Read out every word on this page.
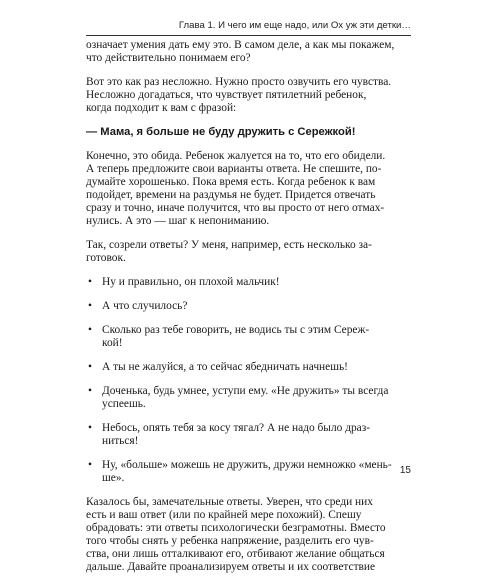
Глава 1. И чего им еще надо, или Ох уж эти детки…
означает умения дать ему это. В самом деле, а как мы покажем,
что действительно понимаем его?
Вот это как раз несложно. Нужно просто озвучить его чувства.
Несложно догадаться, что чувствует пятилетний ребенок,
когда подходит к вам с фразой:
— Мама, я больше не буду дружить с Сережкой!
Конечно, это обида. Ребенок жалуется на то, что его обидели.
А теперь предложите свои варианты ответа. Не спешите, по-
думайте хорошенько. Пока время есть. Когда ребенок к вам
подойдет, времени на раздумья не будет. Придется отвечать
сразу и точно, иначе получится, что вы просто от него отмах-
нулись. А это — шаг к непониманию.
Так, созрели ответы? У меня, например, есть несколько за-
готовок.
• Ну и правильно, он плохой мальчик!
• А что случилось?
• Сколько раз тебе говорить, не водись ты с этим Сереж-
кой!
• А ты не жалуйся, а то сейчас ябедничать начнешь!
• Доченька, будь умнее, уступи ему. «Не дружить» ты всегда
успеешь.
• Небось, опять тебя за косу тягал? А не надо было драз-
ниться!
• Ну, «больше» можешь не дружить, дружи немножко «мень-
ше».
Казалось бы, замечательные ответы. Уверен, что среди них
есть и ваш ответ (или по крайней мере похожий). Спешу
обрадовать: эти ответы психологически безграмотны. Вместо
того чтобы снять у ребенка напряжение, разделить его чув-
ства, они лишь отталкивают его, отбивают желание общаться
дальше. Давайте проанализируем ответы и их соответствие
15
